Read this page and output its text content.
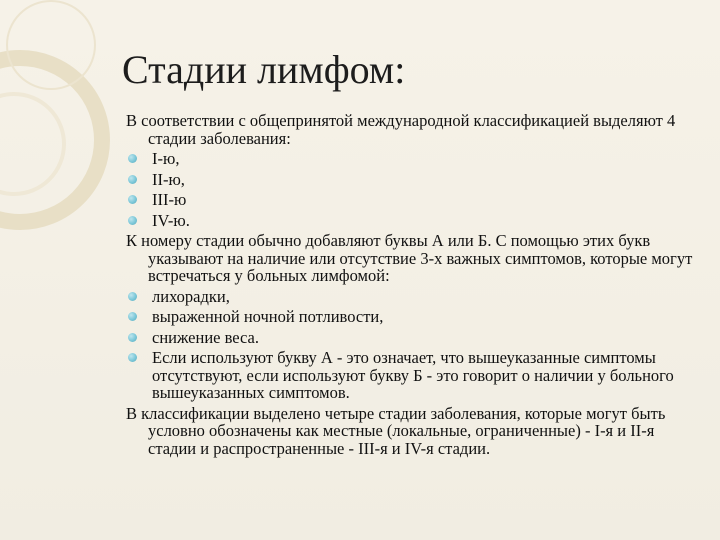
Стадии лимфом:

В соответствии с общепринятой международной классификацией выделяют 4 стадии заболевания:

I-ю,
II-ю,
III-ю
IV-ю.

К номеру стадии обычно добавляют буквы А или Б. С помощью этих букв указывают на наличие или отсутствие 3-х важных симптомов, которые могут встречаться у больных лимфомой:

лихорадки,
выраженной ночной потливости,
снижение веса.
Если используют букву А - это означает, что вышеуказанные симптомы отсутствуют, если используют букву Б - это говорит о наличии у больного вышеуказанных симптомов.

В классификации выделено четыре стадии заболевания, которые могут быть условно обозначены как местные (локальные, ограниченные) - I-я и II-я стадии и распространенные - III-я и IV-я стадии.
